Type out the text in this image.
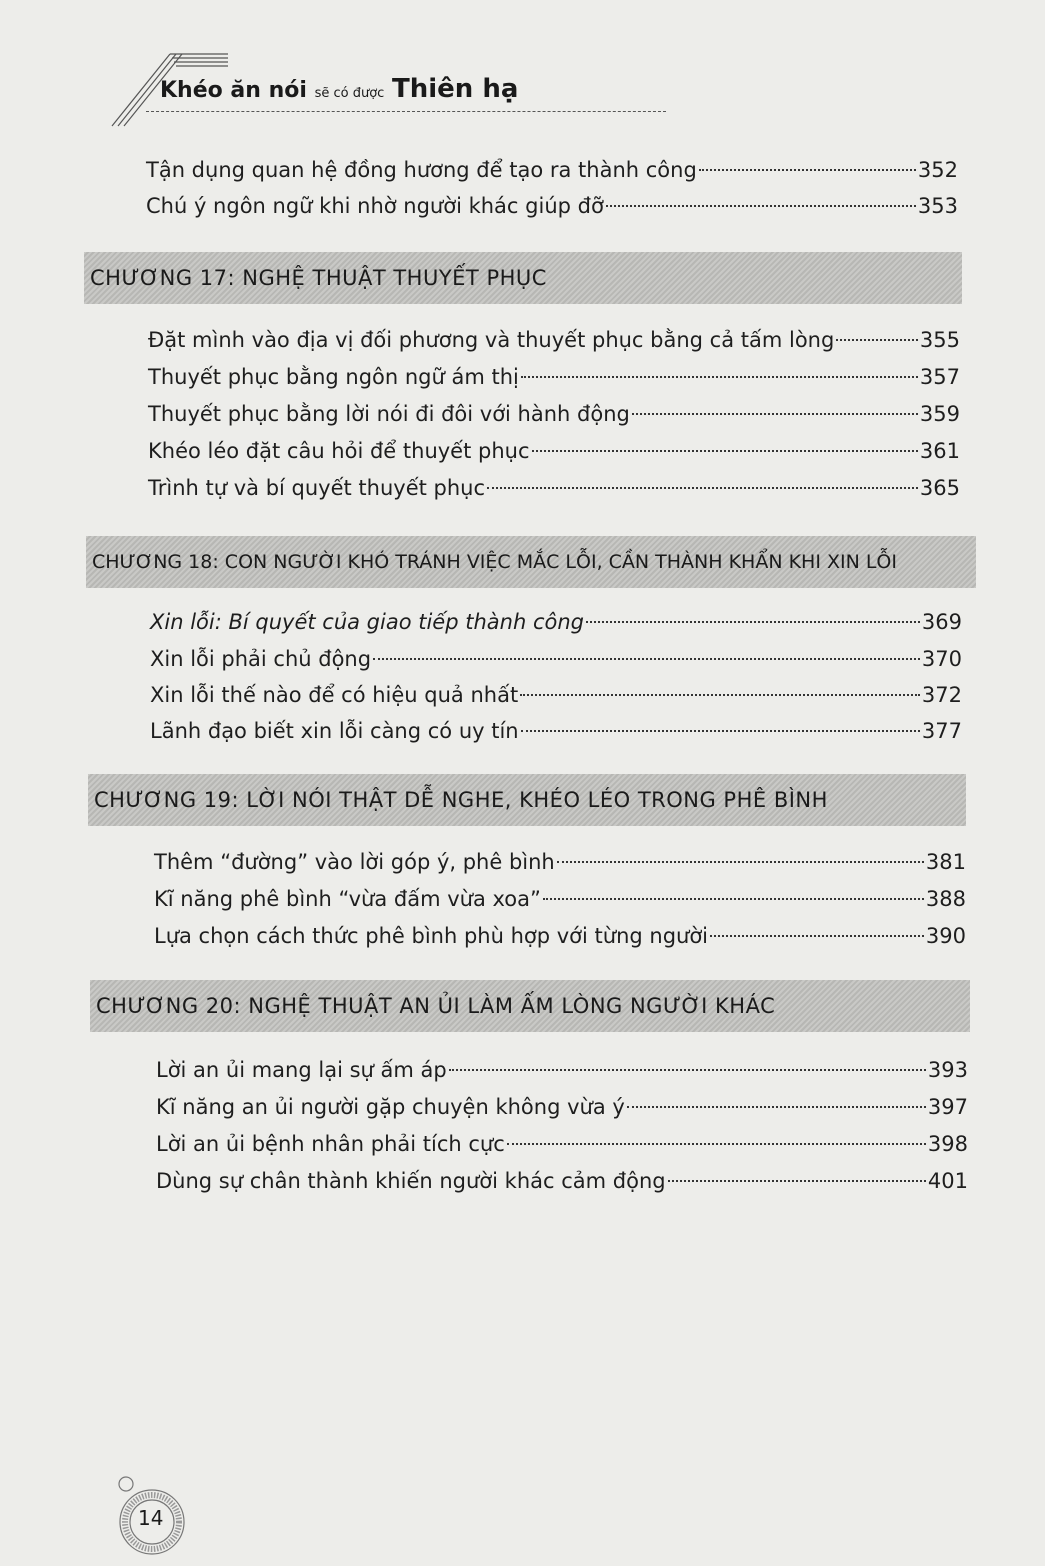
Khéo ăn nói sẽ có được Thiên hạ
Tận dụng quan hệ đồng hương để tạo ra thành công	352
Chú ý ngôn ngữ khi nhờ người khác giúp đỡ	353
CHƯƠNG 17: NGHỆ THUẬT THUYẾT PHỤC
Đặt mình vào địa vị đối phương và thuyết phục bằng cả tấm lòng	355
Thuyết phục bằng ngôn ngữ ám thị	357
Thuyết phục bằng lời nói đi đôi với hành động	359
Khéo léo đặt câu hỏi để thuyết phục	361
Trình tự và bí quyết thuyết phục	365
CHƯƠNG 18: CON NGƯỜI KHÓ TRÁNH VIỆC MẮC LỖI, CẦN THÀNH KHẨN KHI XIN LỖI
Xin lỗi: Bí quyết của giao tiếp thành công	369
Xin lỗi phải chủ động	370
Xin lỗi thế nào để có hiệu quả nhất	372
Lãnh đạo biết xin lỗi càng có uy tín	377
CHƯƠNG 19: LỜI NÓI THẬT DỄ NGHE, KHÉO LÉO TRONG PHÊ BÌNH
Thêm “đường” vào lời góp ý, phê bình	381
Kĩ năng phê bình “vừa đấm vừa xoa”	388
Lựa chọn cách thức phê bình phù hợp với từng người	390
CHƯƠNG 20: NGHỆ THUẬT AN ỦI LÀM ẤM LÒNG NGƯỜI KHÁC
Lời an ủi mang lại sự ấm áp	393
Kĩ năng an ủi người gặp chuyện không vừa ý	397
Lời an ủi bệnh nhân phải tích cực	398
Dùng sự chân thành khiến người khác cảm động	401
14
